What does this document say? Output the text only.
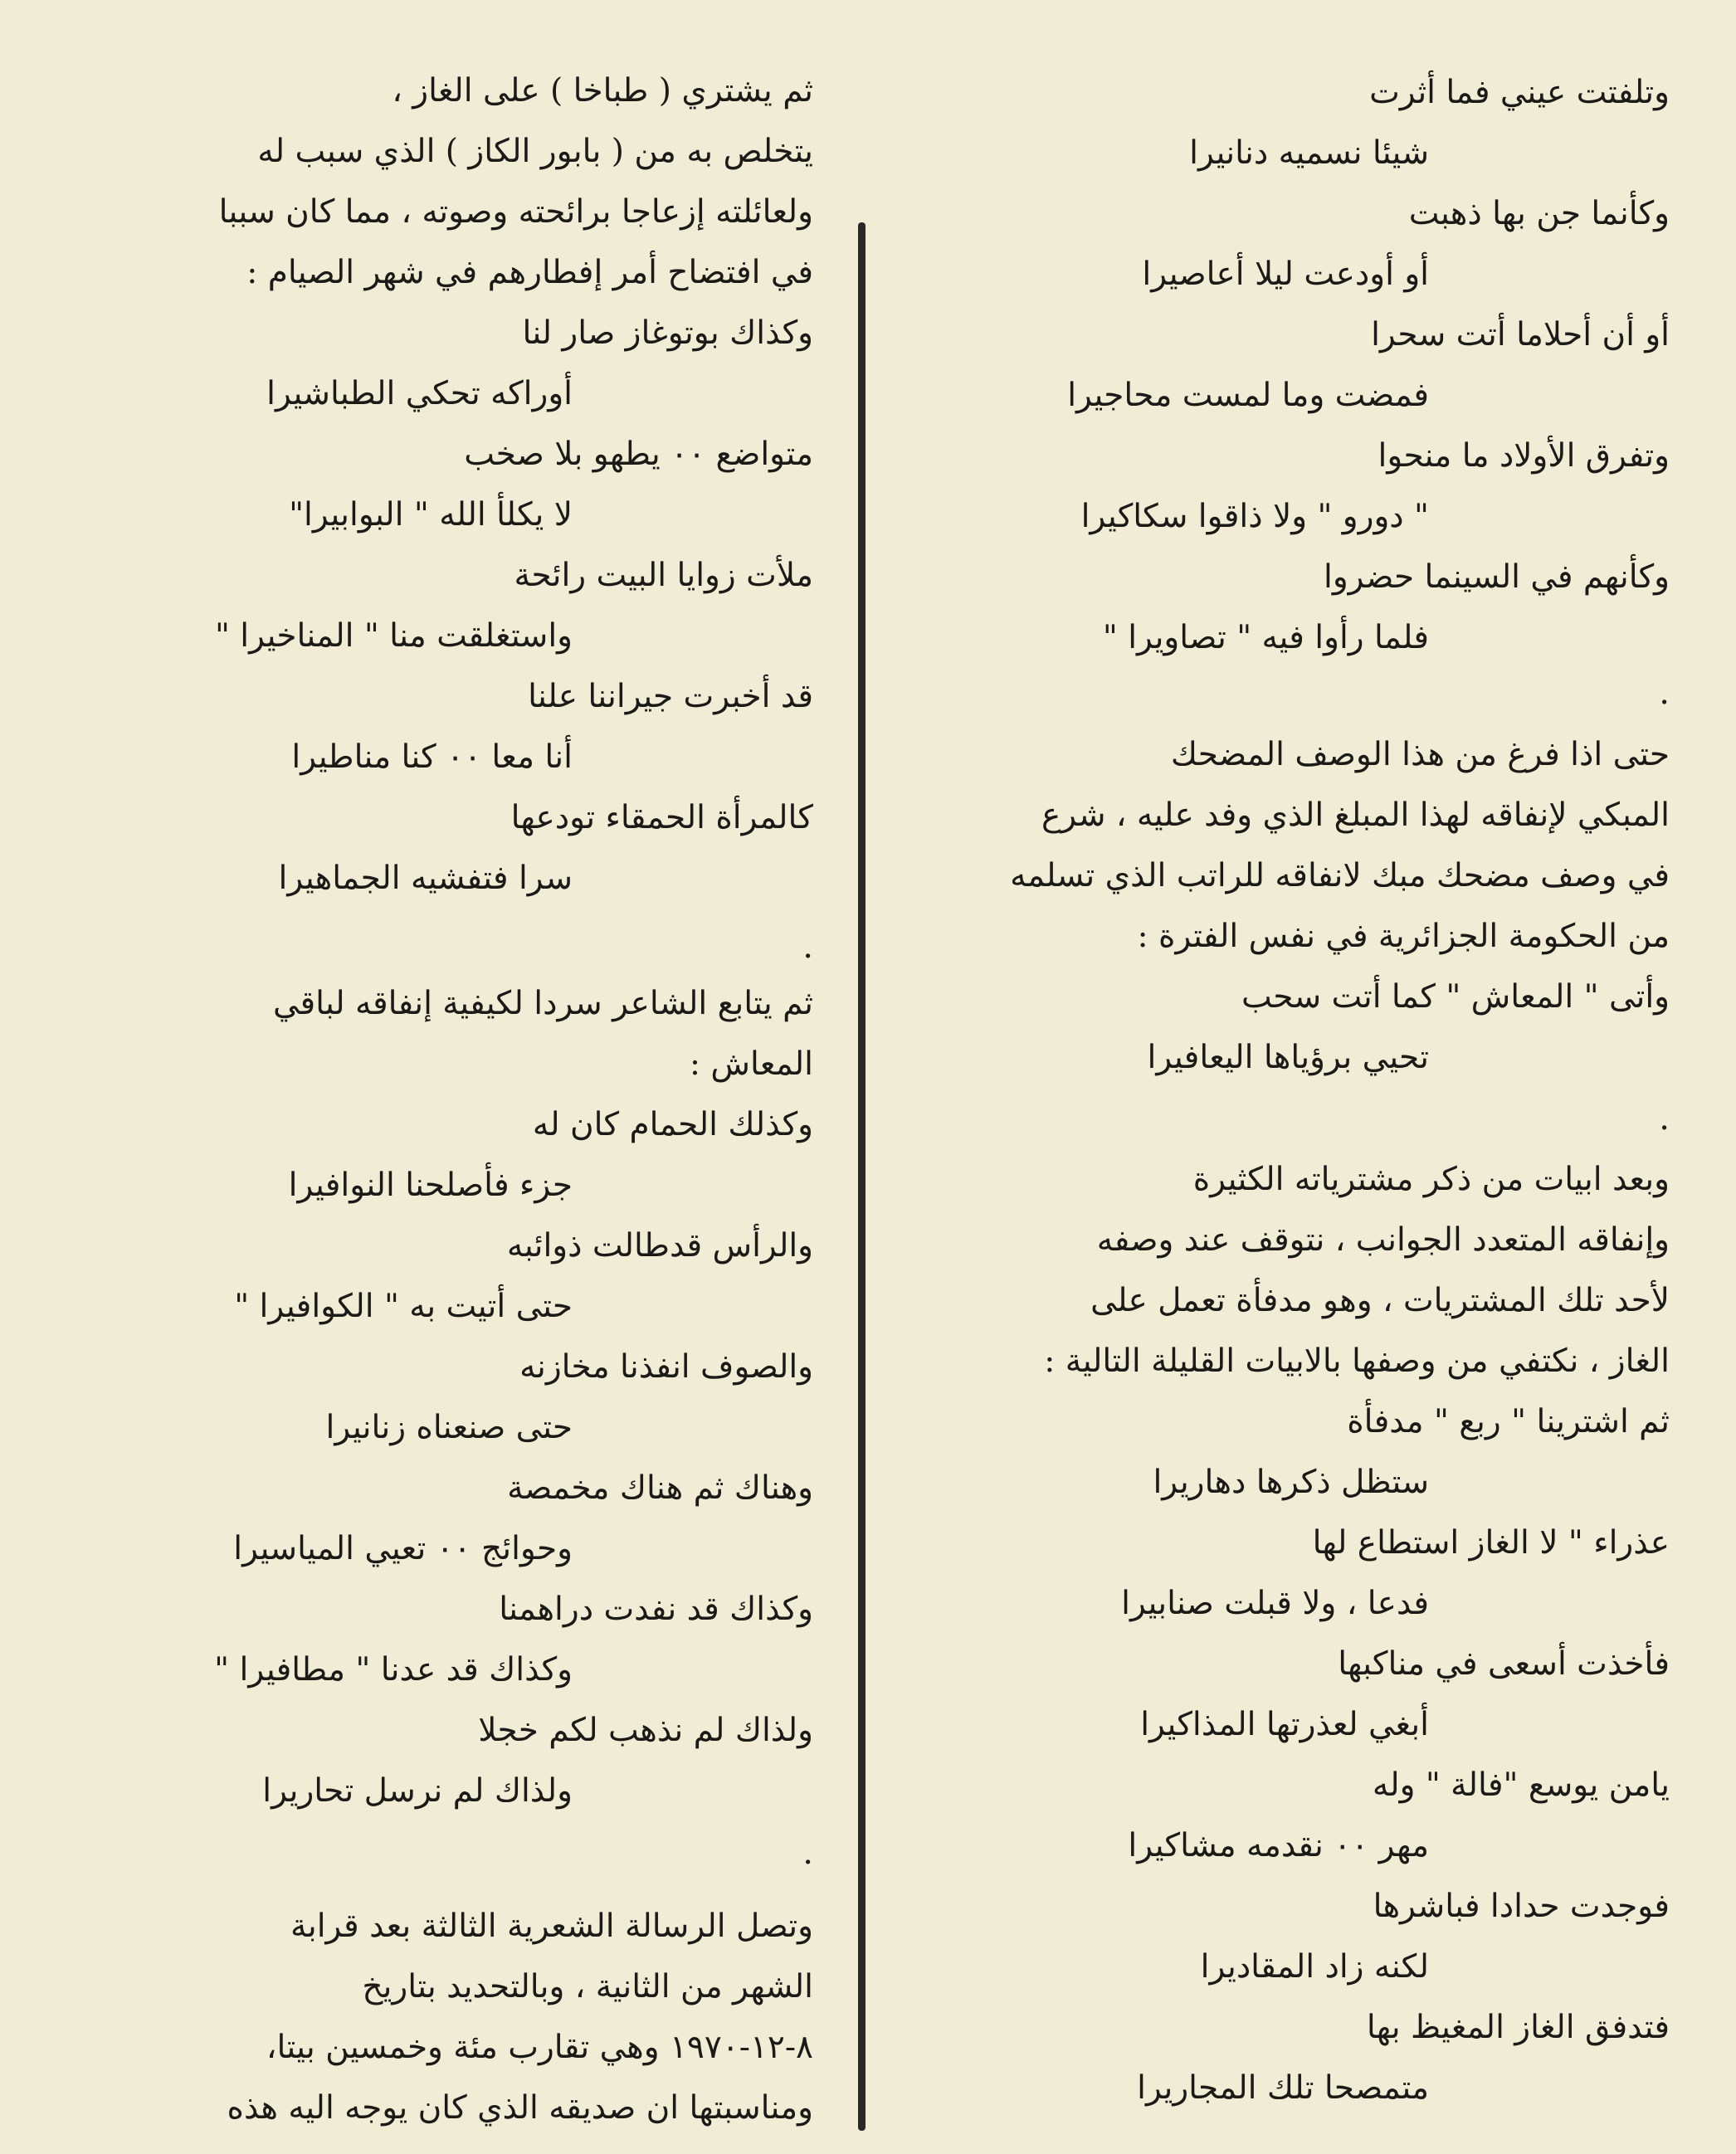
وتلفتت عيني فما أثرت
شيئا نسميه دنانيرا
وكأنما جن بها ذهبت
أو أودعت ليلا أعاصيرا
أو أن أحلاما أتت سحرا
فمضت وما لمست محاجيرا
وتفرق الأولاد ما منحوا
" دورو " ولا ذاقوا سكاكيرا
وكأنهم في السينما حضروا
فلما رأوا فيه " تصاويرا "
.
حتى اذا فرغ من هذا الوصف المضحك
المبكي لإنفاقه لهذا المبلغ الذي وفد عليه ، شرع
في وصف مضحك مبك لانفاقه للراتب الذي تسلمه
من الحكومة الجزائرية في نفس الفترة :
وأتى " المعاش " كما أتت سحب
تحيي برؤياها اليعافيرا
.
وبعد ابيات من ذكر مشترياته الكثيرة
وإنفاقه المتعدد الجوانب ، نتوقف عند وصفه
لأحد تلك المشتريات ، وهو مدفأة تعمل على
الغاز ، نكتفي من وصفها بالابيات القليلة التالية :
ثم اشترينا " ربع " مدفأة
ستظل ذكرها دهاريرا
عذراء " لا الغاز استطاع لها
فدعا ، ولا قبلت صنابيرا
فأخذت أسعى في مناكبها
أبغي لعذرتها المذاكيرا
يامن يوسع "فالة " وله
مهر ٠٠ نقدمه مشاكيرا
فوجدت حدادا فباشرها
لكنه زاد المقاديرا
فتدفق الغاز المغيظ بها
متمصحا تلك المجاريرا
ثم يشتري ( طباخا ) على الغاز ،
يتخلص به من ( بابور الكاز ) الذي سبب له
ولعائلته إزعاجا برائحته وصوته ، مما كان سببا
في افتضاح أمر إفطارهم في شهر الصيام :
وكذاك بوتوغاز صار لنا
أوراكه تحكي الطباشيرا
متواضع ٠٠ يطهو بلا صخب
لا يكلأ الله " البوابيرا"
ملأت زوايا البيت رائحة
واستغلقت منا " المناخيرا "
قد أخبرت جيراننا علنا
أنا معا ٠٠ كنا مناطيرا
كالمرأة الحمقاء تودعها
سرا فتفشيه الجماهيرا
.
ثم يتابع الشاعر سردا لكيفية إنفاقه لباقي
المعاش :
وكذلك الحمام كان له
جزء فأصلحنا النوافيرا
والرأس قدطالت ذوائبه
حتى أتيت به " الكوافيرا "
والصوف انفذنا مخازنه
حتى صنعناه زنانيرا
وهناك ثم هناك مخمصة
وحوائج ٠٠ تعيي المياسيرا
وكذاك قد نفدت دراهمنا
وكذاك قد عدنا " مطافيرا "
ولذاك لم نذهب لكم خجلا
ولذاك لم نرسل تحاريرا
.
وتصل الرسالة الشعرية الثالثة بعد قرابة
الشهر من الثانية ، وبالتحديد بتاريخ
٨-١٢-١٩٧٠ وهي تقارب مئة وخمسين بيتا،
ومناسبتها ان صديقه الذي كان يوجه اليه هذه
